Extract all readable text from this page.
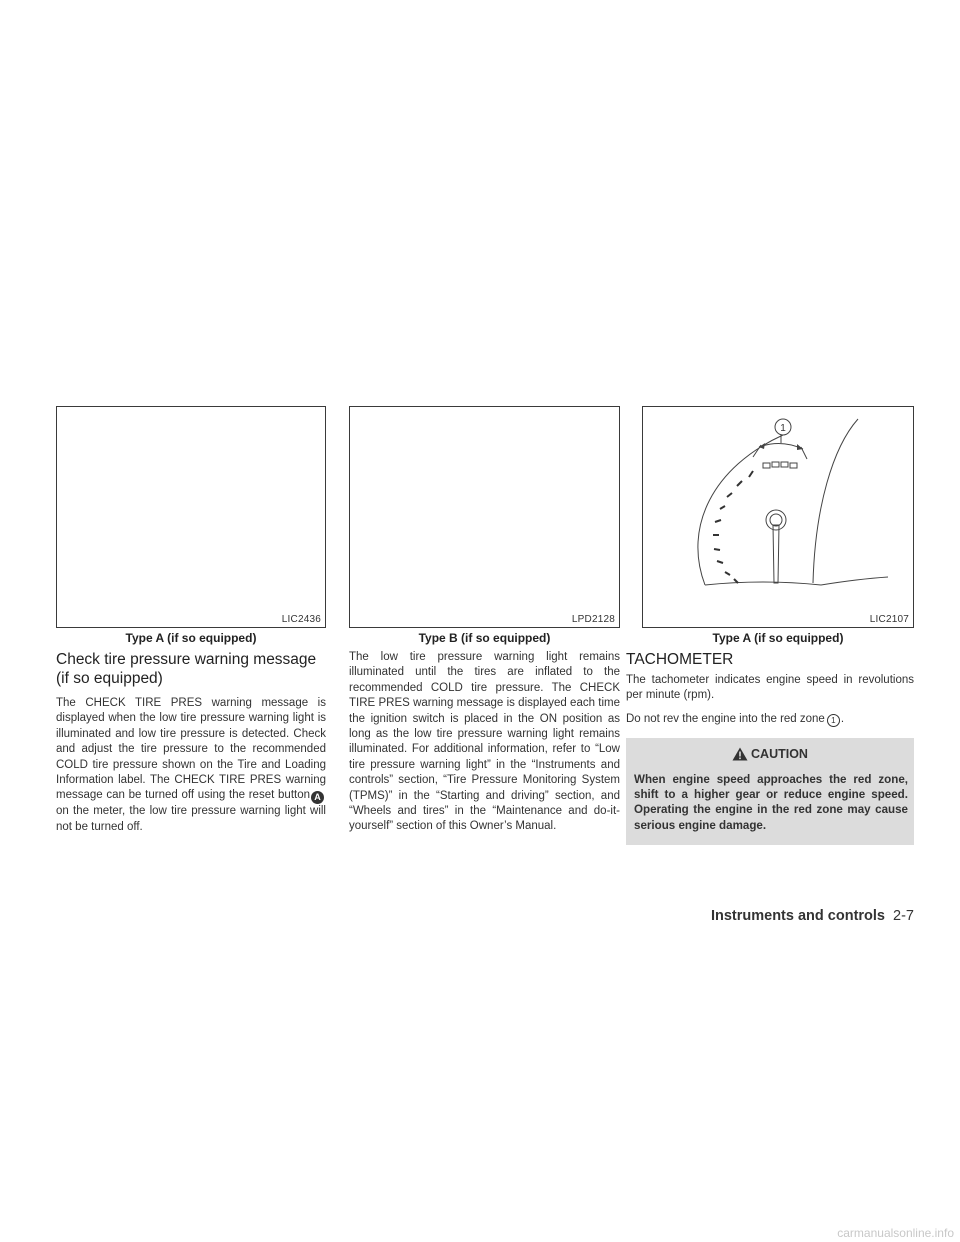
LIC2436
Type A (if so equipped)
LPD2128
Type B (if so equipped)
1
LIC2107
Type A (if so equipped)
Check tire pressure warning message
(if so equipped)

The CHECK TIRE PRES warning message is displayed when the low tire pressure warning light is illuminated and low tire pressure is detected. Check and adjust the tire pressure to the recommended COLD tire pressure shown on the Tire and Loading Information label. The CHECK TIRE PRES warning message can be turned off using the reset button Aon the meter, the low tire pressure warning light will not be turned off.

The low tire pressure warning light remains illuminated until the tires are inflated to the recommended COLD tire pressure. The CHECK TIRE PRES warning message is displayed each time the ignition switch is placed in the ON position as long as the low tire pressure warning light remains illuminated. For additional information, refer to “Low tire pressure warning light” in the “Instruments and controls” section, “Tire Pressure Monitoring System (TPMS)” in the “Starting and driving” section, and “Wheels and tires” in the “Maintenance and do-it-yourself” section of this Owner’s Manual.

TACHOMETER

The tachometer indicates engine speed in revolutions per minute (rpm).

Do not rev the engine into the red zone 1 .

CAUTION
When engine speed approaches the red zone, shift to a higher gear or reduce engine speed. Operating the engine in the red zone may cause serious engine damage.
Instruments and controls 2-7
carmanualsonline.info
